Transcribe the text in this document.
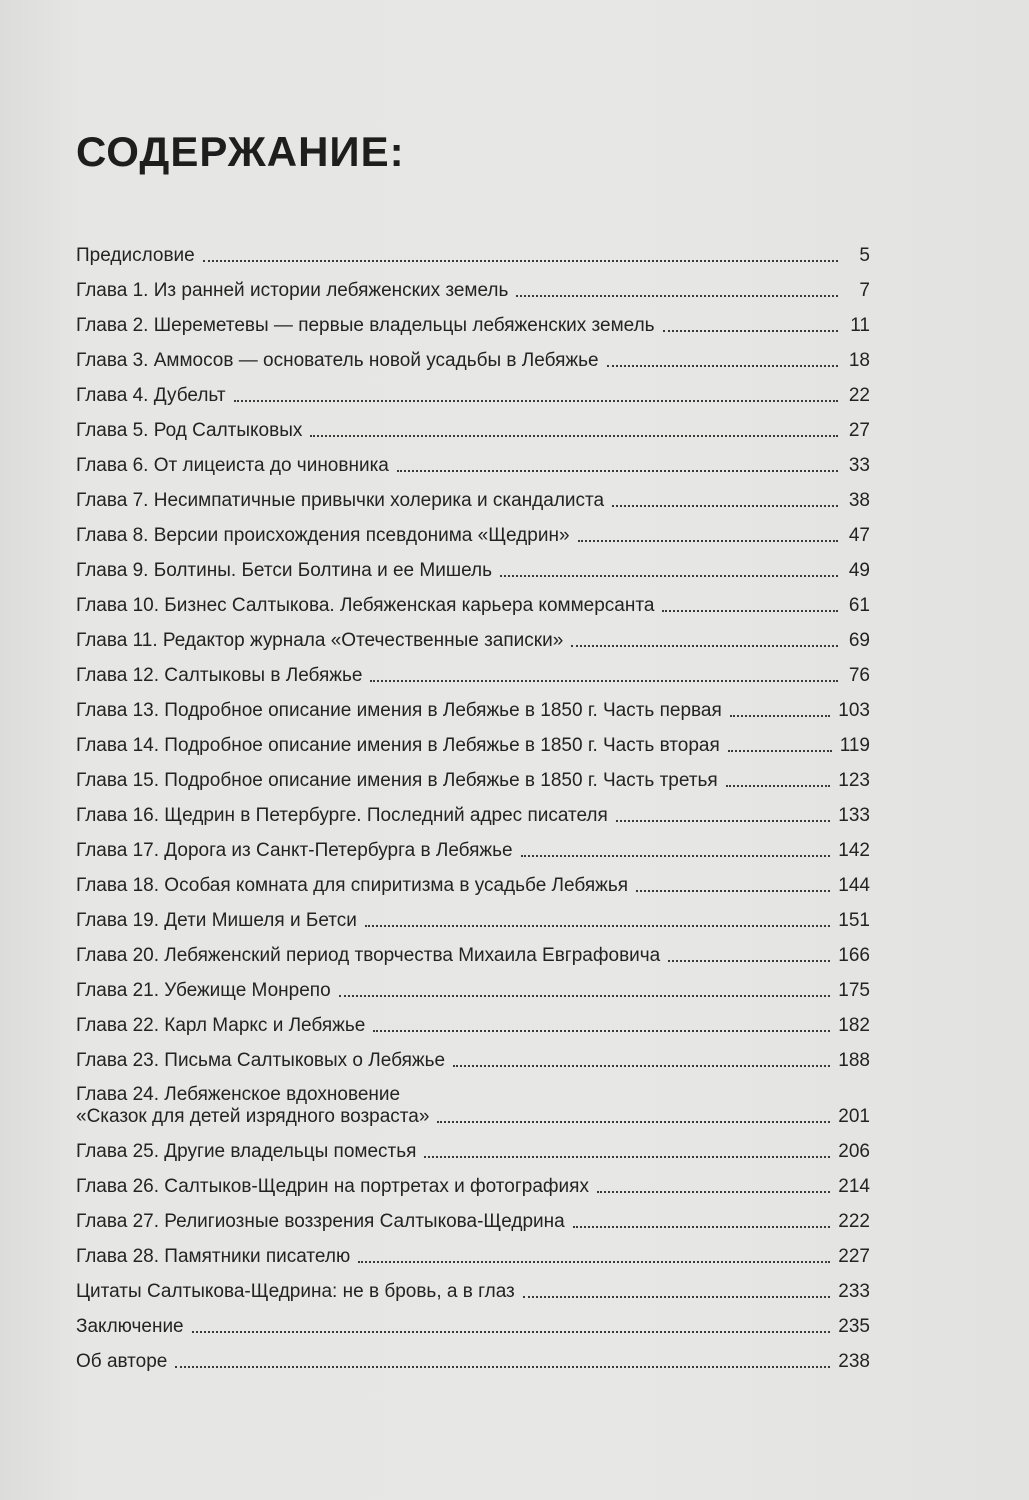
СОДЕРЖАНИЕ:
Предисловие	5
Глава 1. Из ранней истории лебяженских земель	7
Глава 2. Шереметевы — первые владельцы лебяженских земель	11
Глава 3. Аммосов — основатель новой усадьбы в Лебяжье	18
Глава 4. Дубельт	22
Глава 5. Род Салтыковых	27
Глава 6. От лицеиста до чиновника	33
Глава 7. Несимпатичные привычки холерика и скандалиста	38
Глава 8. Версии происхождения псевдонима «Щедрин»	47
Глава 9. Болтины. Бетси Болтина и ее Мишель	49
Глава 10. Бизнес Салтыкова. Лебяженская карьера коммерсанта	61
Глава 11. Редактор журнала «Отечественные записки»	69
Глава 12. Салтыковы в Лебяжье	76
Глава 13. Подробное описание имения в Лебяжье в 1850 г. Часть первая	103
Глава 14. Подробное описание имения в Лебяжье в 1850 г. Часть вторая	119
Глава 15. Подробное описание имения в Лебяжье в 1850 г. Часть третья	123
Глава 16. Щедрин в Петербурге. Последний адрес писателя	133
Глава 17. Дорога из Санкт-Петербурга в Лебяжье	142
Глава 18. Особая комната для спиритизма в усадьбе Лебяжья	144
Глава 19. Дети Мишеля и Бетси	151
Глава 20. Лебяженский период творчества Михаила Евграфовича	166
Глава 21. Убежище Монрепо	175
Глава 22. Карл Маркс и Лебяжье	182
Глава 23. Письма Салтыковых о Лебяжье	188
Глава 24. Лебяженское вдохновение
«Сказок для детей изрядного возраста»	201
Глава 25. Другие владельцы поместья	206
Глава 26. Салтыков-Щедрин на портретах и фотографиях	214
Глава 27. Религиозные воззрения Салтыкова-Щедрина	222
Глава 28. Памятники писателю	227
Цитаты Салтыкова-Щедрина: не в бровь, а в глаз	233
Заключение	235
Об авторе	238
